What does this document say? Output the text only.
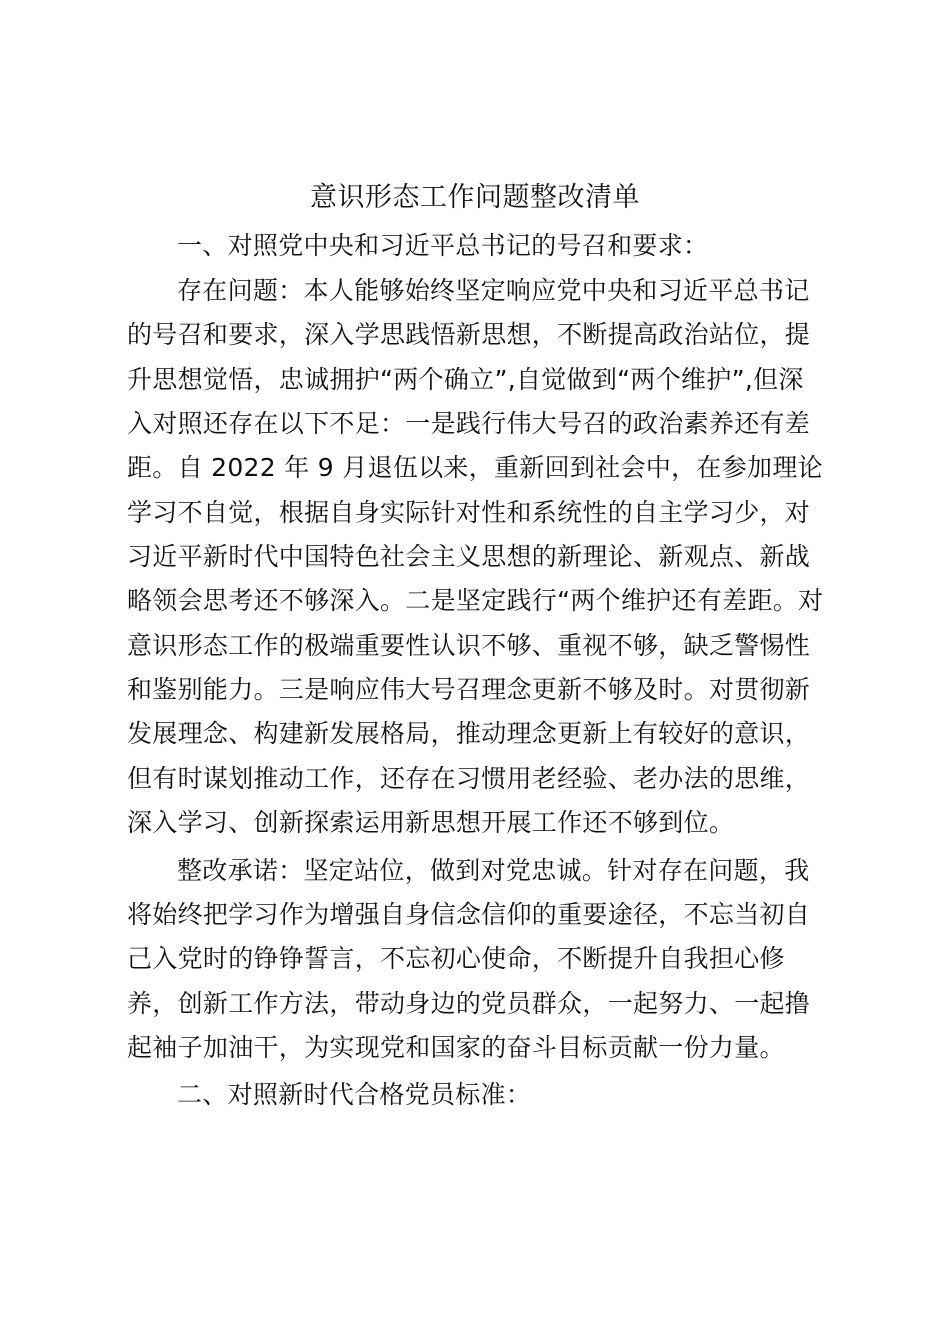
意识形态工作问题整改清单
一、对照党中央和习近平总书记的号召和要求：
存在问题：本人能够始终坚定响应党中央和习近平总书记
的号召和要求，深入学思践悟新思想，不断提高政治站位，提
升思想觉悟，忠诚拥护“两个确立”,自觉做到“两个维护”,但深
入对照还存在以下不足：一是践行伟大号召的政治素养还有差
距。自 2022 年 9 月退伍以来，重新回到社会中，在参加理论
学习不自觉，根据自身实际针对性和系统性的自主学习少，对
习近平新时代中国特色社会主义思想的新理论、新观点、新战
略领会思考还不够深入。二是坚定践行“两个维护还有差距。对
意识形态工作的极端重要性认识不够、重视不够，缺乏警惕性
和鉴别能力。三是响应伟大号召理念更新不够及时。对贯彻新
发展理念、构建新发展格局，推动理念更新上有较好的意识，
但有时谋划推动工作，还存在习惯用老经验、老办法的思维，
深入学习、创新探索运用新思想开展工作还不够到位。
整改承诺：坚定站位，做到对党忠诚。针对存在问题，我
将始终把学习作为增强自身信念信仰的重要途径，不忘当初自
己入党时的铮铮誓言，不忘初心使命，不断提升自我担心修
养，创新工作方法，带动身边的党员群众，一起努力、一起撸
起袖子加油干，为实现党和国家的奋斗目标贡献一份力量。
二、对照新时代合格党员标准：
